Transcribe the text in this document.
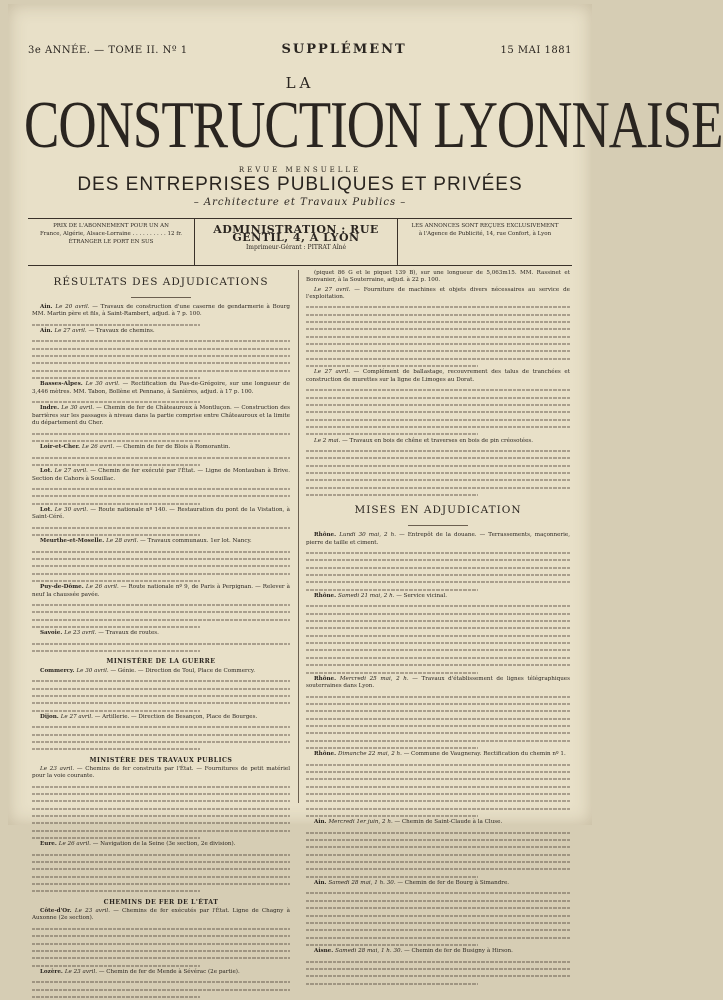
3e ANNÉE. — TOME II. Nº 1	SUPPLÉMENT	15 MAI 1881
LA
CONSTRUCTION LYONNAISE
REVUE MENSUELLE
DES ENTREPRISES PUBLIQUES ET PRIVÉES
– Architecture et Travaux Publics –
PRIX DE L'ABONNEMENT POUR UN AN
France, Algérie, Alsace-Lorraine . . . . . . . . . . 12 fr.
ÉTRANGER LE PORT EN SUS
ADMINISTRATION : RUE GENTIL, 4, A LYON
Imprimeur-Gérant : PITRAT Aîné
LES ANNONCES SONT REÇUES EXCLUSIVEMENT
à l'Agence de Publicité, 14, rue Confort, à Lyon
RÉSULTATS DES ADJUDICATIONS
Ain. Le 20 avril. — Travaux de construction d'une caserne de gendarmerie à Bourg MM. Martin père et fils, à Saint-Rambert, adjud. à 7 p. 100.
Ain. Le 27 avril. — Travaux de chemins.
Basses-Alpes. Le 30 avril. — Rectification du Pas-de-Grégoire, sur une longueur de 3,446 mètres. MM. Tabon, Bollène et Pennano, à Sanières, adjud. à 17 p. 100.
Indre. Le 30 avril. — Chemin de fer de Châteauroux à Montluçon. — Construction des barrières sur les passages à niveau dans la partie comprise entre Châteauroux et la limite du département du Cher.
Loir-et-Cher. Le 26 avril. — Chemin de fer de Blois à Romorantin.
Lot. Le 27 avril. — Chemin de fer exécuté par l'État. — Ligne de Montauban à Brive. Section de Cahors à Souillac.
Lot. Le 30 avril. — Route nationale nº 140. — Restauration du pont de la Vistation, à Saint-Céré.
Meurthe-et-Moselle. Le 28 avril. — Travaux communaux. 1er lot. Nancy.
Puy-de-Dôme. Le 26 avril. — Route nationale nº 9, de Paris à Perpignan. — Relever à neuf la chaussée pavée.
Savoie. Le 23 avril. — Travaux de routes.
MINISTÈRE DE LA GUERRE
Commercy. Le 30 avril. — Génie. — Direction de Toul, Place de Commercy.
Dijon. Le 27 avril. — Artillerie. — Direction de Besançon, Place de Bourges.
MINISTÈRE DES TRAVAUX PUBLICS
Le 23 avril. — Chemins de fer construits par l'État. — Fournitures de petit matériel pour la voie courante.
Eure. Le 26 avril. — Navigation de la Seine (3e section, 2e division).
CHEMINS DE FER DE L'ÉTAT
Côte-d'Or. Le 23 avril. — Chemins de fer exécutés par l'État. Ligne de Chagny à Auxonne (2e section).
Lozère. Le 23 avril. — Chemin de fer de Mende à Sévérac (2e partie).
(piquet 86 G et le piquet 139 B), sur une longueur de 5,063m15. MM. Rassinet et Bonvanier, à la Souterraine, adjud. à 22 p. 100.
Le 27 avril. — Fourniture de machines et objets divers nécessaires au service de l'exploitation.
Le 27 avril. — Complément de ballastage, recouvrement des talus de tranchées et construction de murettes sur la ligne de Limoges au Dorat.
Le 2 mai. — Travaux en bois de chêne et traverses en bois de pin créosotées.
MISES EN ADJUDICATION
Rhône. Lundi 30 mai, 2 h. — Entrepôt de la douane. — Terrassements, maçonnerie, pierre de taille et ciment.
Rhône. Samedi 21 mai, 2 h. — Service vicinal.
Rhône. Mercredi 25 mai, 2 h. — Travaux d'établissement de lignes télégraphiques souterraines dans Lyon.
Rhône. Dimanche 22 mai, 2 h. — Commune de Vaugneray. Rectification du chemin nº 1.
Ain. Mercredi 1er juin, 2 h. — Chemin de Saint-Claude à la Cluse.
Ain. Samedi 28 mai, 1 h. 30. — Chemin de fer de Bourg à Simandre.
Aisne. Samedi 28 mai, 1 h. 30. — Chemin de fer de Busigny à Hirson.
